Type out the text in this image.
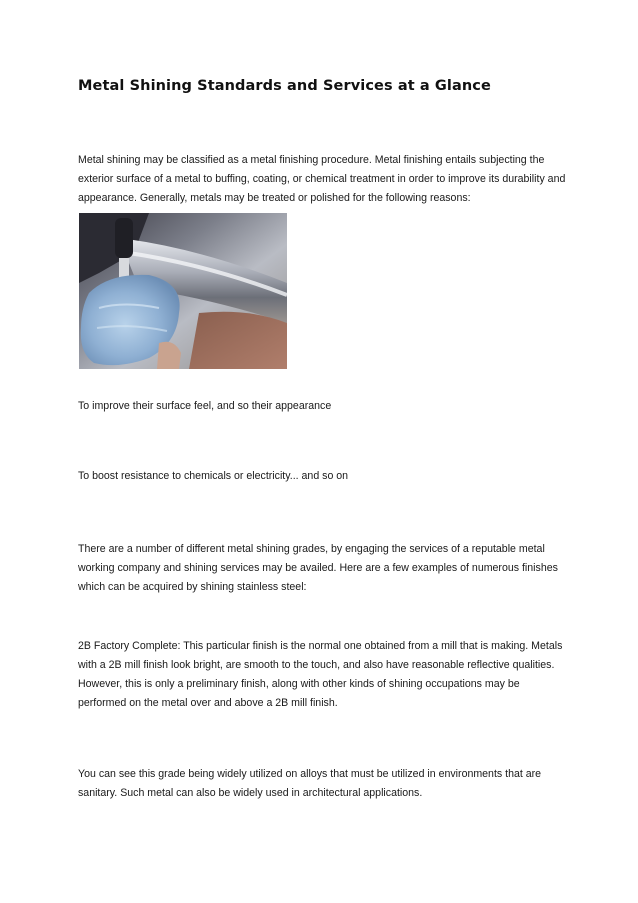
Metal Shining Standards and Services at a Glance

Metal shining may be classified as a metal finishing procedure. Metal finishing entails subjecting the exterior surface of a metal to buffing, coating, or chemical treatment in order to improve its durability and appearance. Generally, metals may be treated or polished for the following reasons:

To improve their surface feel, and so their appearance

To boost resistance to chemicals or electricity... and so on

There are a number of different metal shining grades, by engaging the services of a reputable metal working company and shining services may be availed. Here are a few examples of numerous finishes which can be acquired by shining stainless steel:

2B Factory Complete: This particular finish is the normal one obtained from a mill that is making. Metals with a 2B mill finish look bright, are smooth to the touch, and also have reasonable reflective qualities. However, this is only a preliminary finish, along with other kinds of shining occupations may be performed on the metal over and above a 2B mill finish.

You can see this grade being widely utilized on alloys that must be utilized in environments that are sanitary. Such metal can also be widely used in architectural applications.
